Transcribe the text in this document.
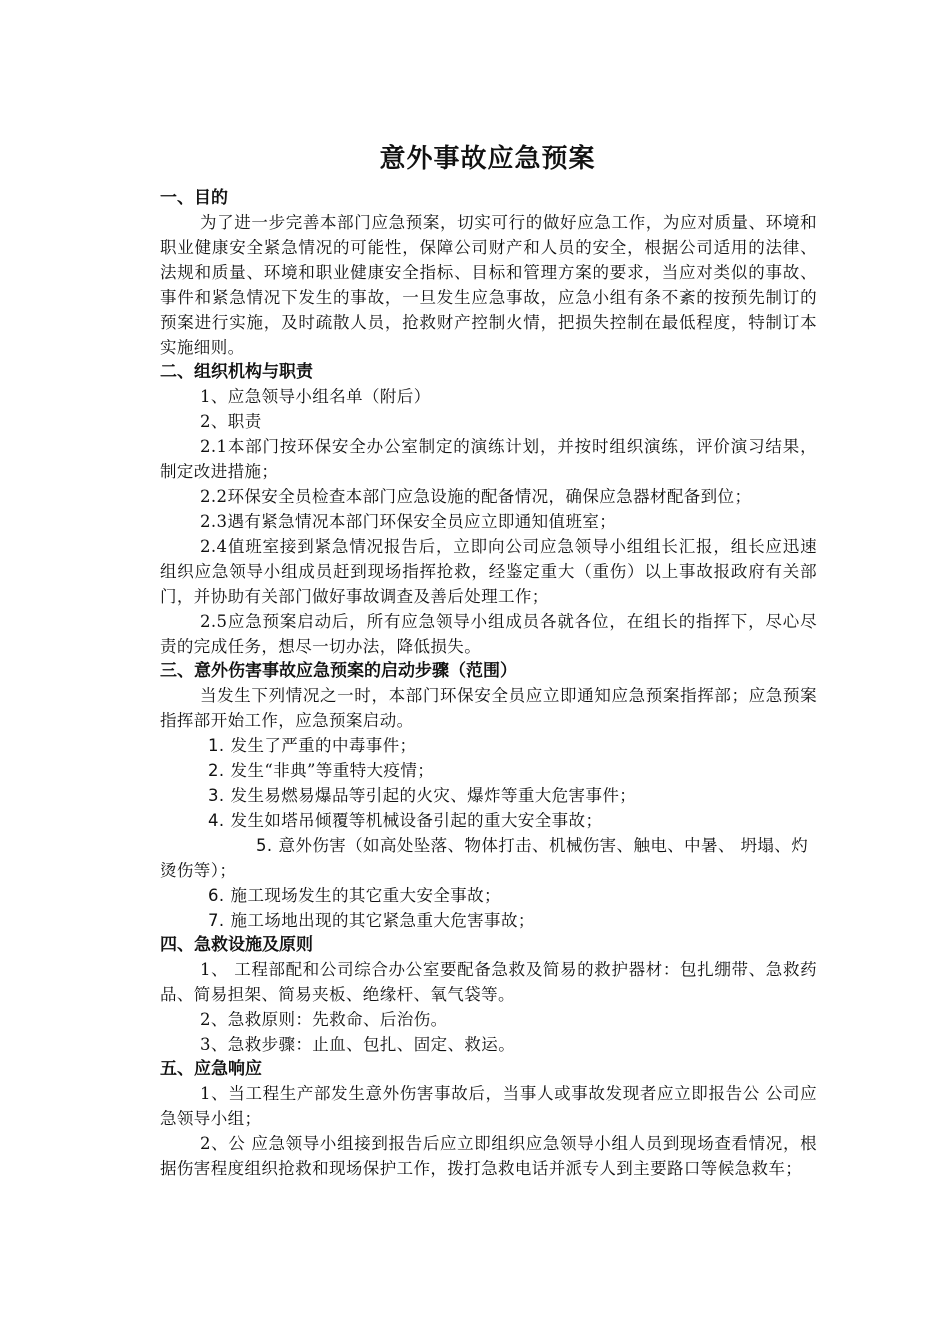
意外事故应急预案
一、目的
为了进一步完善本部门应急预案，切实可行的做好应急工作，为应对质量、环境和职业健康安全紧急情况的可能性，保障公司财产和人员的安全，根据公司适用的法律、法规和质量、环境和职业健康安全指标、目标和管理方案的要求，当应对类似的事故、事件和紧急情况下发生的事故，一旦发生应急事故，应急小组有条不紊的按预先制订的预案进行实施，及时疏散人员，抢救财产控制火情，把损失控制在最低程度，特制订本实施细则。
二、组织机构与职责
1、应急领导小组名单（附后）
2、职责
2.1本部门按环保安全办公室制定的演练计划，并按时组织演练，评价演习结果，制定改进措施；
2.2环保安全员检查本部门应急设施的配备情况，确保应急器材配备到位；
2.3遇有紧急情况本部门环保安全员应立即通知值班室；
2.4值班室接到紧急情况报告后，立即向公司应急领导小组组长汇报，组长应迅速组织应急领导小组成员赶到现场指挥抢救，经鉴定重大（重伤）以上事故报政府有关部门，并协助有关部门做好事故调查及善后处理工作；
2.5应急预案启动后，所有应急领导小组成员各就各位，在组长的指挥下，尽心尽责的完成任务，想尽一切办法，降低损失。
三、意外伤害事故应急预案的启动步骤（范围）
当发生下列情况之一时，本部门环保安全员应立即通知应急预案指挥部；应急预案指挥部开始工作，应急预案启动。
1. 发生了严重的中毒事件；
2. 发生“非典”等重特大疫情；
3. 发生易燃易爆品等引起的火灾、爆炸等重大危害事件；
4. 发生如塔吊倾覆等机械设备引起的重大安全事故；
5. 意外伤害（如高处坠落、物体打击、机械伤害、触电、中暑、 坍塌、灼烫伤等）；
6. 施工现场发生的其它重大安全事故；
7. 施工场地出现的其它紧急重大危害事故；
四、急救设施及原则
1、 工程部配和公司综合办公室要配备急救及简易的救护器材：包扎绷带、急救药品、简易担架、简易夹板、绝缘杆、氧气袋等。
2、急救原则：先救命、后治伤。
3、急救步骤：止血、包扎、固定、救运。
五、应急响应
1、当工程生产部发生意外伤害事故后，当事人或事故发现者应立即报告公 公司应急领导小组；
2、公 应急领导小组接到报告后应立即组织应急领导小组人员到现场查看情况，根据伤害程度组织抢救和现场保护工作，拨打急救电话并派专人到主要路口等候急救车；
